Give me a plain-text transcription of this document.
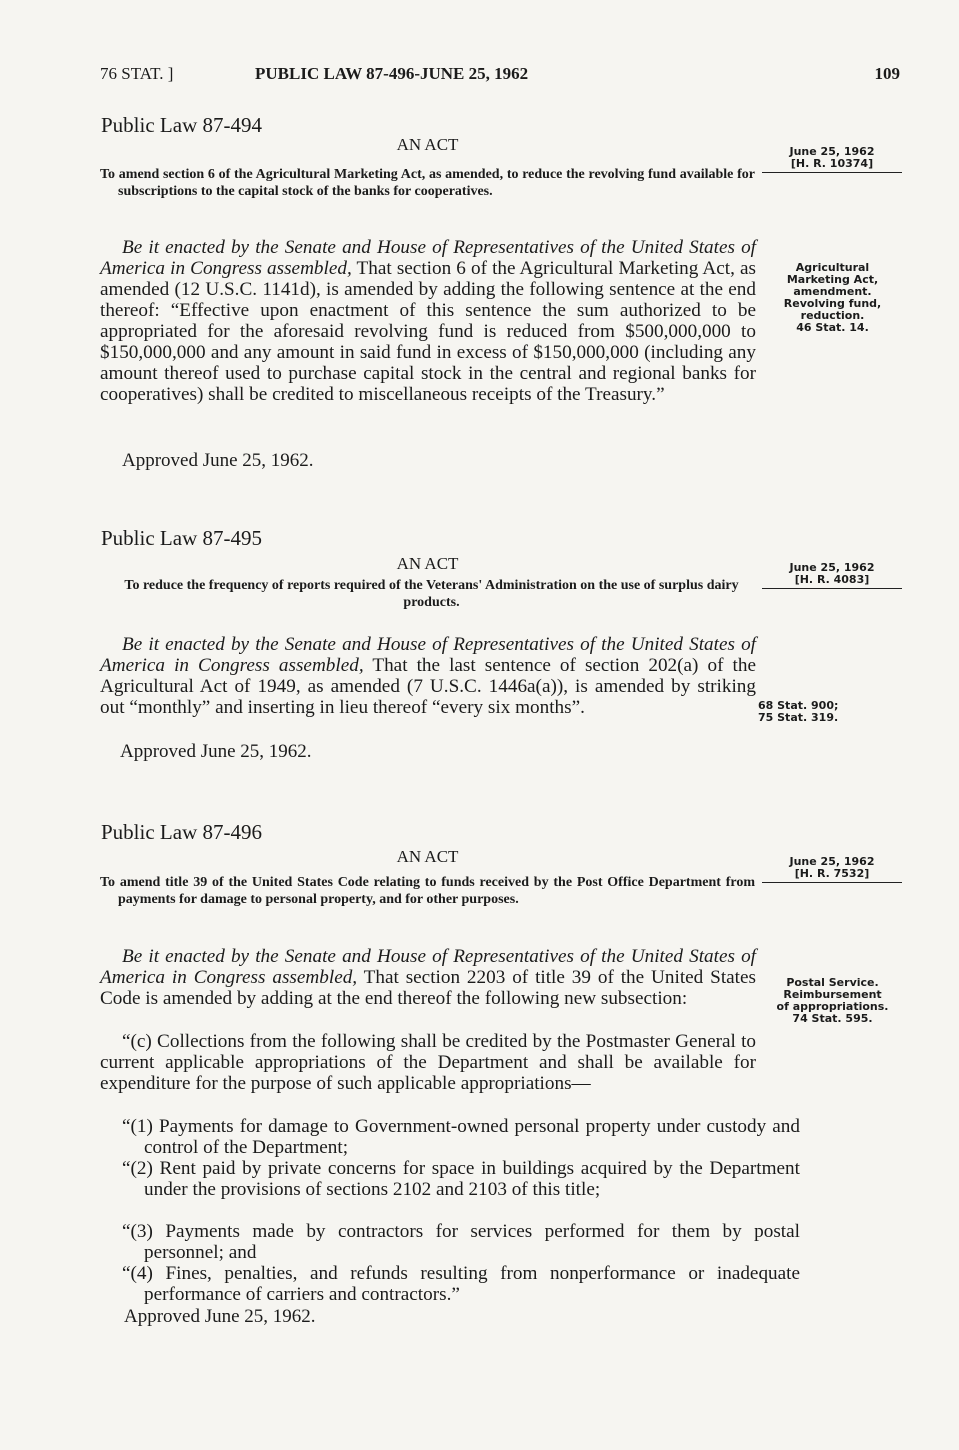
76 STAT. ]	PUBLIC LAW 87-496-JUNE 25, 1962	109
Public Law 87-494
AN ACT
To amend section 6 of the Agricultural Marketing Act, as amended, to reduce the revolving fund available for subscriptions to the capital stock of the banks for cooperatives.
June 25, 1962
[H. R. 10374]
Be it enacted by the Senate and House of Representatives of the United States of America in Congress assembled, That section 6 of the Agricultural Marketing Act, as amended (12 U.S.C. 1141d), is amended by adding the following sentence at the end thereof: “Effective upon enactment of this sentence the sum authorized to be appropriated for the aforesaid revolving fund is reduced from $500,000,000 to $150,000,000 and any amount in said fund in excess of $150,000,000 (including any amount thereof used to purchase capital stock in the central and regional banks for cooperatives) shall be credited to miscellaneous receipts of the Treasury.”
Approved June 25, 1962.
Agricultural
Marketing Act,
amendment.
Revolving fund,
reduction.
46 Stat. 14.
Public Law 87-495
AN ACT
To reduce the frequency of reports required of the Veterans' Administration on the use of surplus dairy products.
June 25, 1962
[H. R. 4083]
Be it enacted by the Senate and House of Representatives of the United States of America in Congress assembled, That the last sentence of section 202(a) of the Agricultural Act of 1949, as amended (7 U.S.C. 1446a(a)), is amended by striking out “monthly” and inserting in lieu thereof “every six months”.
Approved June 25, 1962.
68 Stat. 900;
75 Stat. 319.
Public Law 87-496
AN ACT
To amend title 39 of the United States Code relating to funds received by the Post Office Department from payments for damage to personal property, and for other purposes.
June 25, 1962
[H. R. 7532]
Be it enacted by the Senate and House of Representatives of the United States of America in Congress assembled, That section 2203 of title 39 of the United States Code is amended by adding at the end thereof the following new subsection:
“(c) Collections from the following shall be credited by the Postmaster General to current applicable appropriations of the Department and shall be available for expenditure for the purpose of such applicable appropriations—
“(1) Payments for damage to Government-owned personal property under custody and control of the Department;
“(2) Rent paid by private concerns for space in buildings acquired by the Department under the provisions of sections 2102 and 2103 of this title;
“(3) Payments made by contractors for services performed for them by postal personnel; and
“(4) Fines, penalties, and refunds resulting from nonperformance or inadequate performance of carriers and contractors.”
Approved June 25, 1962.
Postal Service.
Reimbursement
of appropriations.
74 Stat. 595.
